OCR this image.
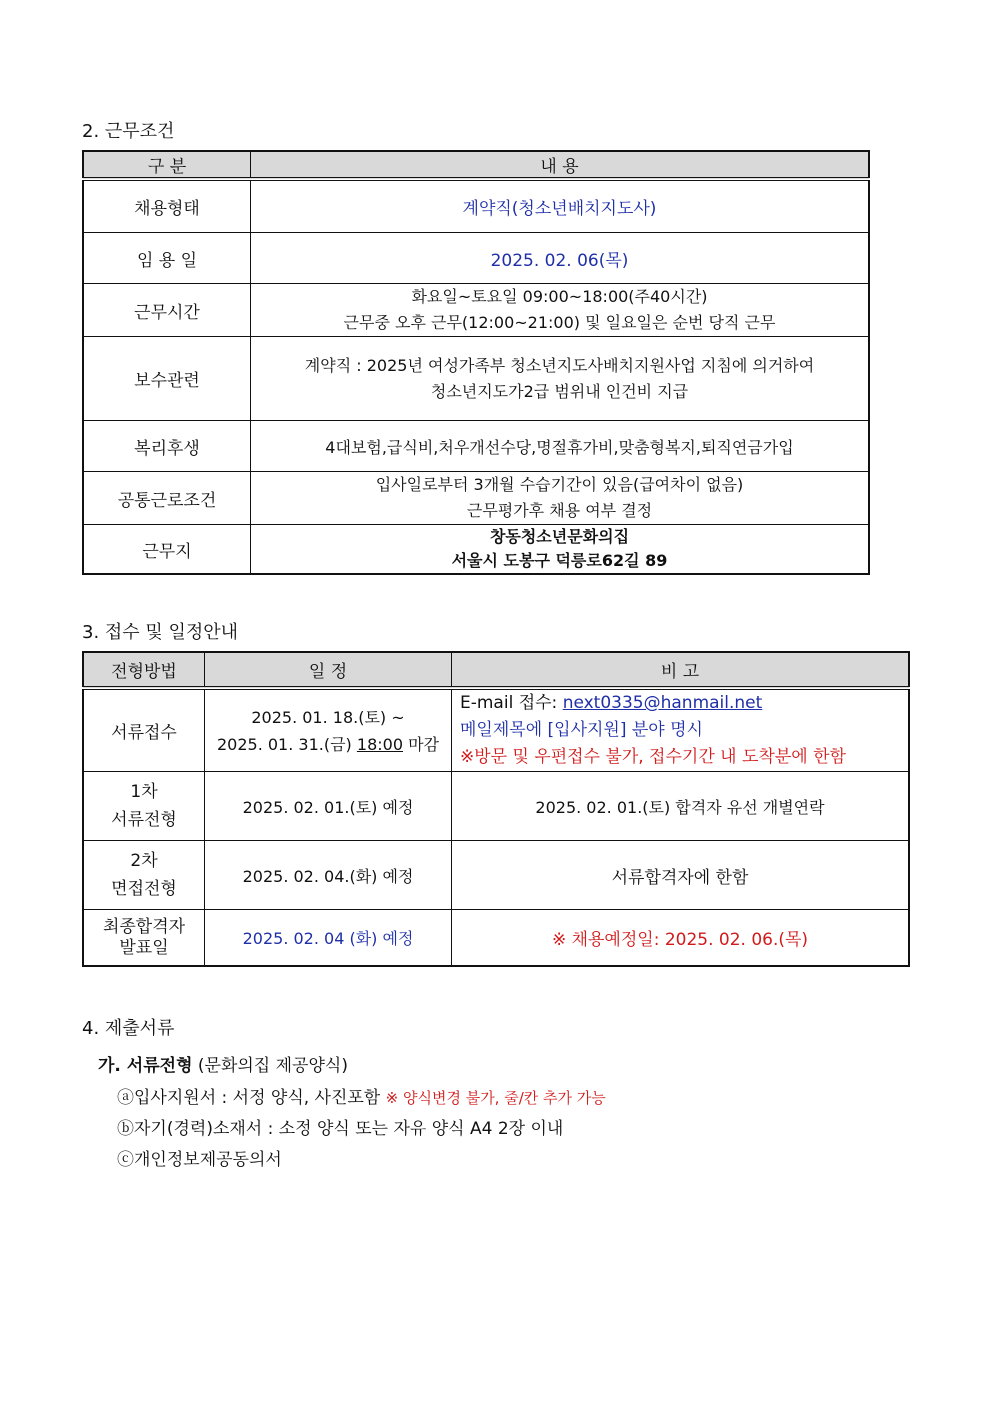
2. 근무조건
구 분	내 용
채용형태	계약직(청소년배치지도사)
임 용 일	2025. 02. 06(목)
근무시간	화요일~토요일 09:00~18:00(주40시간)
근무중 오후 근무(12:00~21:00) 및 일요일은 순번 당직 근무

보수관련	계약직 : 2025년 여성가족부 청소년지도사배치지원사업 지침에 의거하여
청소년지도가2급 범위내 인건비 지급

복리후생	4대보험,급식비,처우개선수당,명절휴가비,맞춤형복지,퇴직연금가입
공통근로조건	입사일로부터 3개월 수습기간이 있음(급여차이 없음)
근무평가후 채용 여부 결정

근무지	창동청소년문화의집
서울시 도봉구 덕릉로62길 89
3. 접수 및 일정안내
전형방법	일 정	비 고
서류접수	2025. 01. 18.(토) ~
2025. 01. 31.(금) 18:00 마감	E-mail 접수: next0335@hanmail.net
메일제목에 [입사지원] 분야 명시
※방문 및 우편접수 불가, 접수기간 내 도착분에 한함

1차
서류전형	2025. 02. 01.(토) 예정	2025. 02. 01.(토) 합격자 유선 개별연락

2차
면접전형	2025. 02. 04.(화) 예정	서류합격자에 한함

최종합격자
발표일	2025. 02. 04 (화) 예정	※ 채용예정일: 2025. 02. 06.(목)
4. 제출서류
가. 서류전형 (문화의집 제공양식)
ⓐ입사지원서 : 서정 양식, 사진포함 ※ 양식변경 불가, 줄/칸 추가 가능
ⓑ자기(경력)소재서 : 소정 양식 또는 자유 양식 A4 2장 이내
ⓒ개인정보제공동의서
